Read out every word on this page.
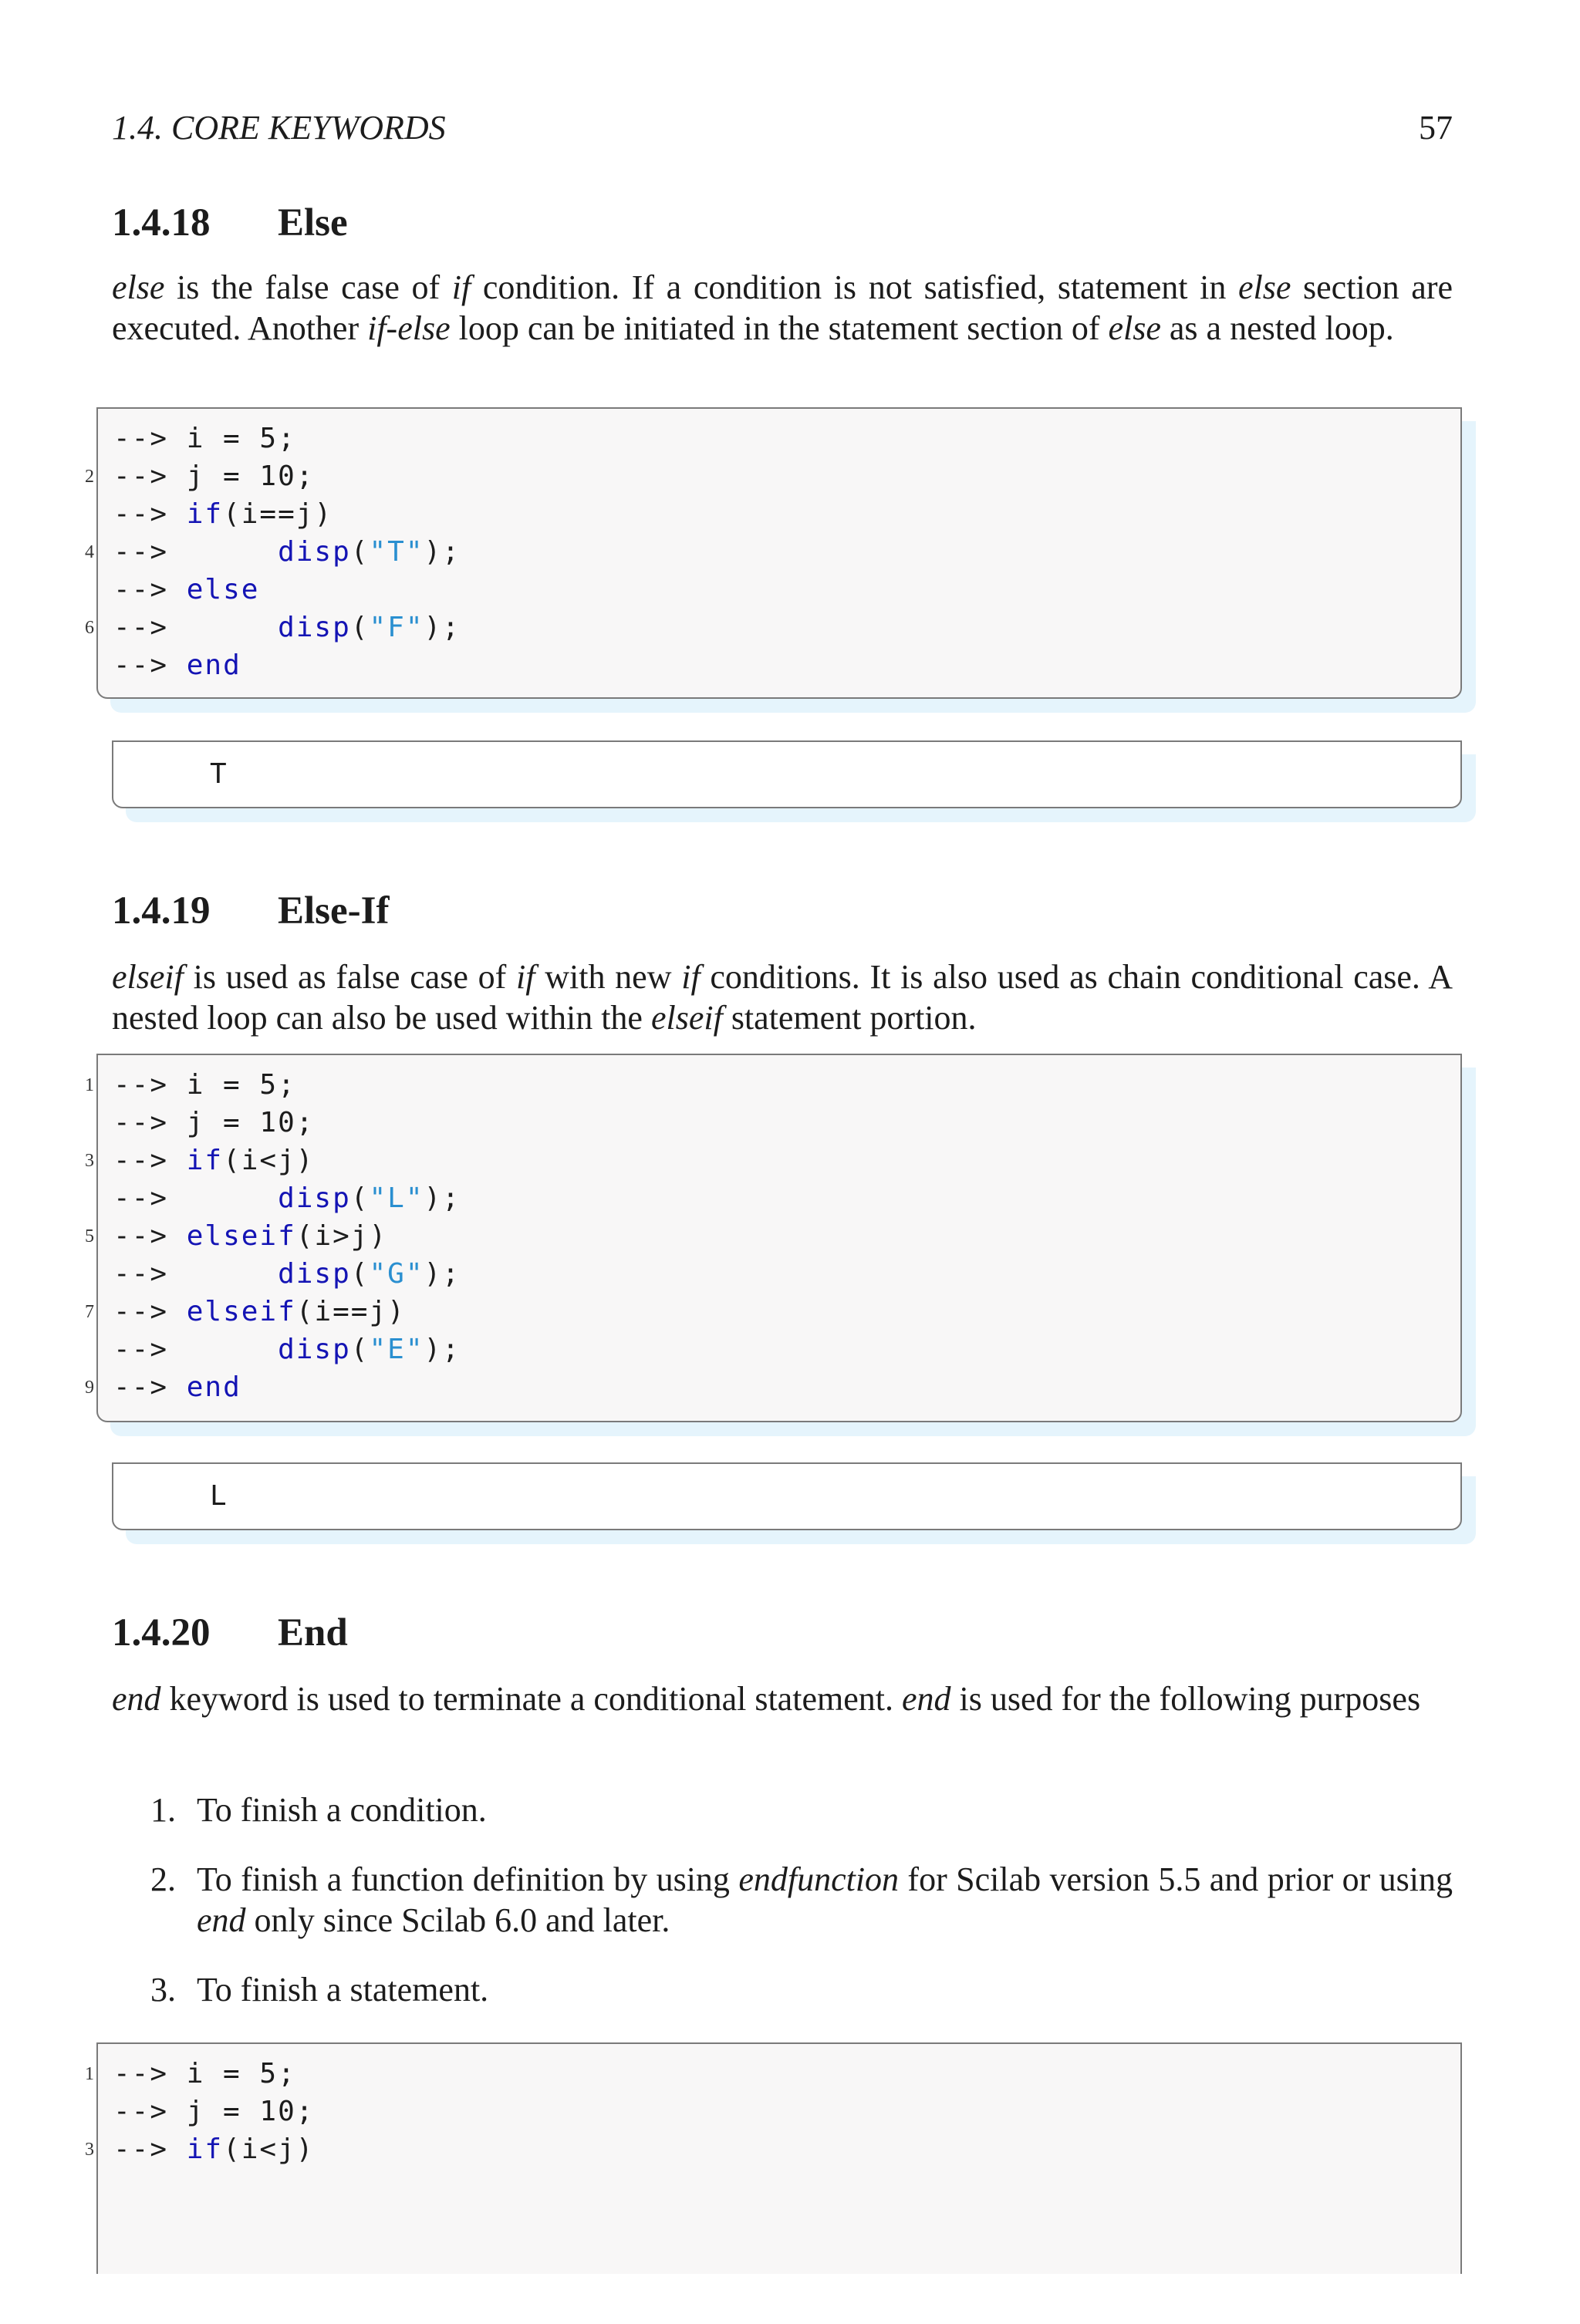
1.4. CORE KEYWORDS	57
1.4.18 Else
else is the false case of if condition. If a condition is not satisfied, statement in else section are executed. Another if-else loop can be initiated in the statement section of else as a nested loop.
--> i = 5;
--> j = 10;
--> if(i==j)
-->	disp("T");
--> else
-->	disp("F");
--> end
T
1.4.19 Else-If
elseif is used as false case of if with new if conditions. It is also used as chain conditional case. A nested loop can also be used within the elseif statement portion.
--> i = 5;
--> j = 10;
--> if(i<j)
-->	disp("L");
--> elseif(i>j)
-->	disp("G");
--> elseif(i==j)
-->	disp("E");
--> end
L
1.4.20 End
end keyword is used to terminate a conditional statement. end is used for the following purposes
1. To finish a condition.
2. To finish a function definition by using endfunction for Scilab version 5.5 and prior or using end only since Scilab 6.0 and later.
3. To finish a statement.
--> i = 5;
--> j = 10;
--> if(i<j)
2
4
6
1
3
5
7
9
1
3
